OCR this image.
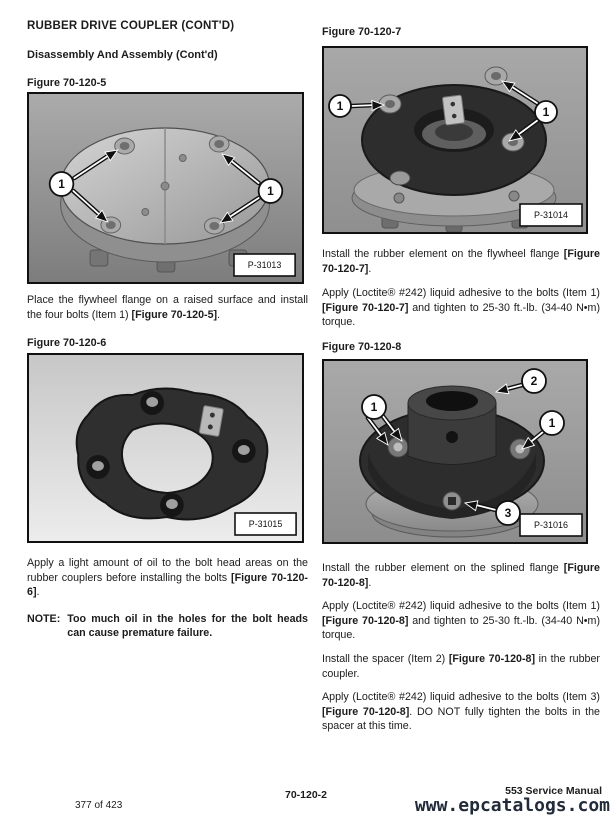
RUBBER DRIVE COUPLER (CONT'D)
Disassembly And Assembly (Cont'd)
Figure 70-120-5
1	1
P-31013

Place the flywheel flange on a raised surface and install the four bolts (Item 1) [Figure 70-120-5].

Figure 70-120-6
P-31015

Apply a light amount of oil to the bolt head areas on the rubber couplers before installing the bolts [Figure 70-120-6].

NOTE: Too much oil in the holes for the bolt heads can cause premature failure.
Figure 70-120-7
1	1
P-31014

Install the rubber element on the flywheel flange [Figure 70-120-7].

Apply (Loctite® #242) liquid adhesive to the bolts (Item 1) [Figure 70-120-7] and tighten to 25-30 ft.-lb. (34-40 N•m) torque.

Figure 70-120-8
1
2
1
3
P-31016

Install the rubber element on the splined flange [Figure 70-120-8].

Apply (Loctite® #242) liquid adhesive to the bolts (Item 1) [Figure 70-120-8] and tighten to 25-30 ft.-lb. (34-40 N•m) torque.

Install the spacer (Item 2) [Figure 70-120-8] in the rubber coupler.

Apply (Loctite® #242) liquid adhesive to the bolts (Item 3) [Figure 70-120-8]. DO NOT fully tighten the bolts in the spacer at this time.

377 of 423
70-120-2	553 Service Manual
www.epcatalogs.com
